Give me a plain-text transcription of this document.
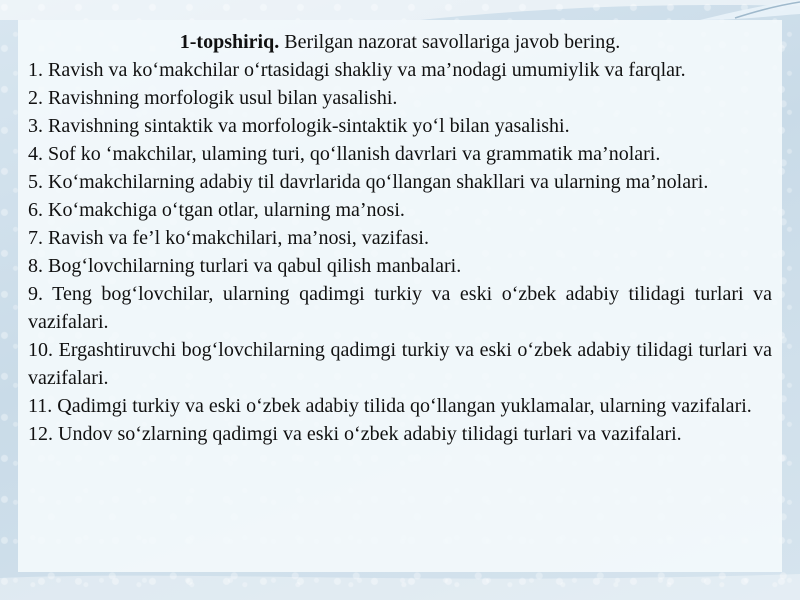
1-topshiriq. Berilgan nazorat savollariga javob bering.

1. Ravish va ko‘makchilar o‘rtasidagi shakliy va ma’nodagi umumiylik va farqlar.
2. Ravishning morfologik usul bilan yasalishi.
3. Ravishning sintaktik va morfologik-sintaktik yo‘l bilan yasalishi.
4. Sof ko ‘makchilar, ulaming turi, qo‘llanish davrlari va grammatik ma’nolari.
5. Ko‘makchilarning adabiy til davrlarida qo‘llangan shakllari va ularning ma’nolari.
6. Ko‘makchiga o‘tgan otlar, ularning ma’nosi.
7. Ravish va fe’l ko‘makchilari, ma’nosi, vazifasi.
8. Bog‘lovchilarning turlari va qabul qilish manbalari.
9. Teng bog‘lovchilar, ularning qadimgi turkiy va eski o‘zbek adabiy tilidagi turlari va vazifalari.
10. Ergashtiruvchi bog‘lovchilarning qadimgi turkiy va eski o‘zbek adabiy tilidagi turlari va vazifalari.
11. Qadimgi turkiy va eski o‘zbek adabiy tilida qo‘llangan yuklamalar, ularning vazifalari.
12. Undov so‘zlarning qadimgi va eski o‘zbek adabiy tilidagi turlari va vazifalari.
